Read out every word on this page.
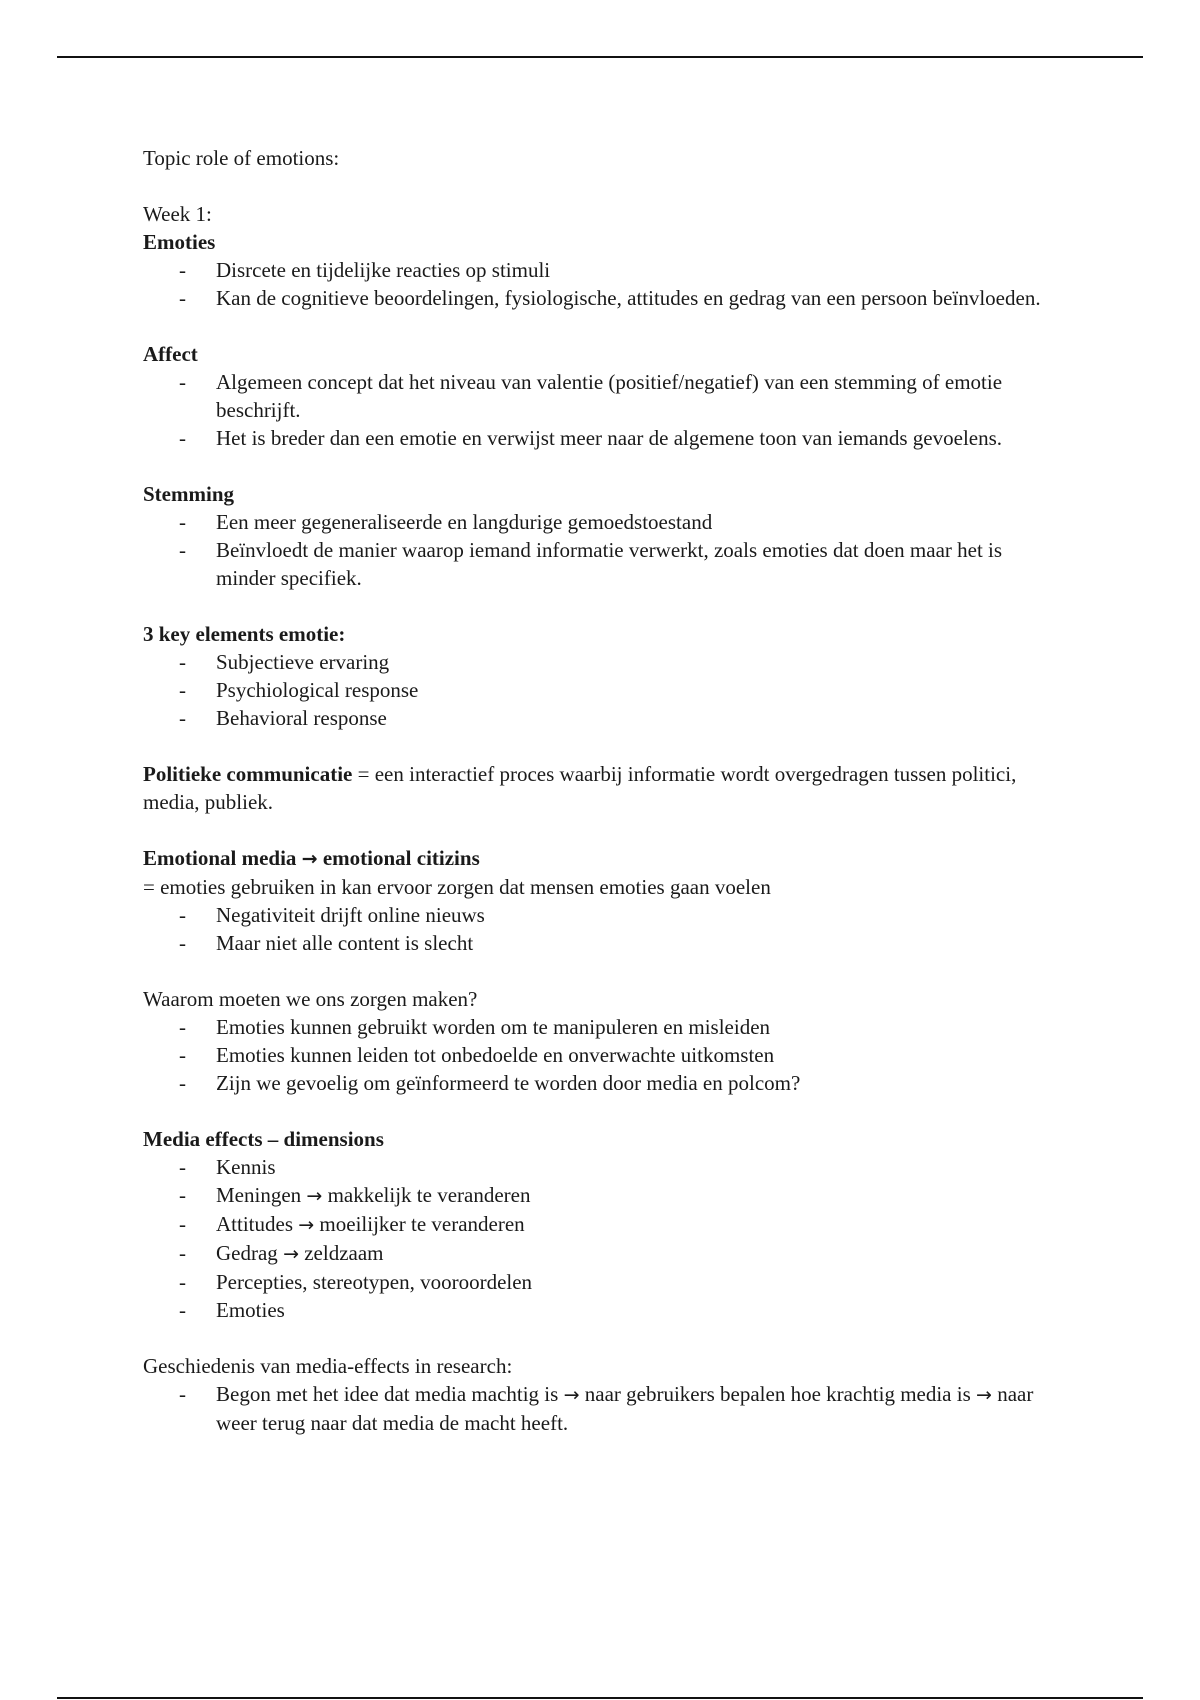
Topic role of emotions:

Week 1:

Emoties

- Disrcete en tijdelijke reacties op stimuli
- Kan de cognitieve beoordelingen, fysiologische, attitudes en gedrag van een persoon beïnvloeden.

Affect

- Algemeen concept dat het niveau van valentie (positief/negatief) van een stemming of emotie beschrijft.
- Het is breder dan een emotie en verwijst meer naar de algemene toon van iemands gevoelens.

Stemming

- Een meer gegeneraliseerde en langdurige gemoedstoestand
- Beïnvloedt de manier waarop iemand informatie verwerkt, zoals emoties dat doen maar het is minder specifiek.

3 key elements emotie:

- Subjectieve ervaring
- Psychiological response
- Behavioral response

Politieke communicatie = een interactief proces waarbij informatie wordt overgedragen tussen politici, media, publiek.

Emotional media → emotional citizins

= emoties gebruiken in kan ervoor zorgen dat mensen emoties gaan voelen

- Negativiteit drijft online nieuws
- Maar niet alle content is slecht

Waarom moeten we ons zorgen maken?

- Emoties kunnen gebruikt worden om te manipuleren en misleiden
- Emoties kunnen leiden tot onbedoelde en onverwachte uitkomsten
- Zijn we gevoelig om geïnformeerd te worden door media en polcom?

Media effects – dimensions

- Kennis
- Meningen → makkelijk te veranderen
- Attitudes → moeilijker te veranderen
- Gedrag → zeldzaam
- Percepties, stereotypen, vooroordelen
- Emoties

Geschiedenis van media-effects in research:

- Begon met het idee dat media machtig is → naar gebruikers bepalen hoe krachtig media is → naar weer terug naar dat media de macht heeft.
